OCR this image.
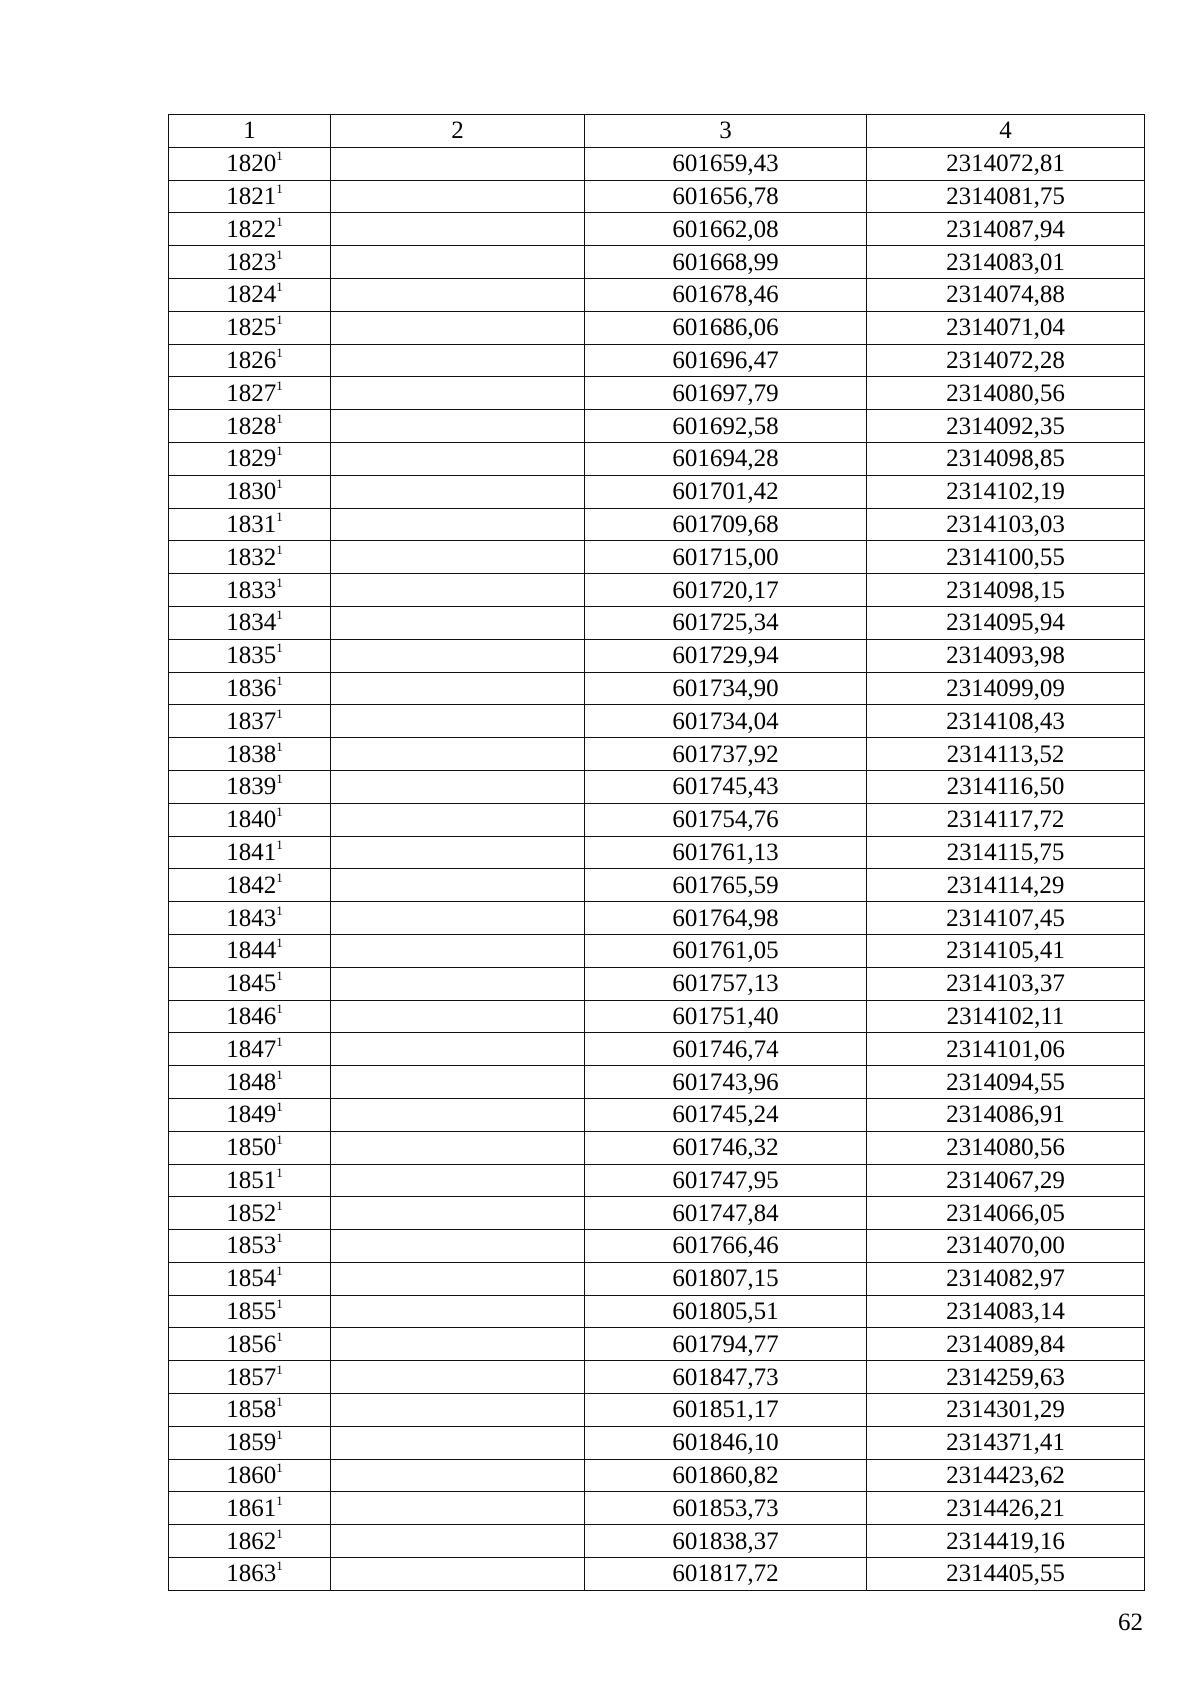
1	2	3	4
1820$^1$		601659,43	2314072,81
1821$^1$		601656,78	2314081,75
1822$^1$		601662,08	2314087,94
1823$^1$		601668,99	2314083,01
1824$^1$		601678,46	2314074,88
1825$^1$		601686,06	2314071,04
1826$^1$		601696,47	2314072,28
1827$^1$		601697,79	2314080,56
1828$^1$		601692,58	2314092,35
1829$^1$		601694,28	2314098,85
1830$^1$		601701,42	2314102,19
1831$^1$		601709,68	2314103,03
1832$^1$		601715,00	2314100,55
1833$^1$		601720,17	2314098,15
1834$^1$		601725,34	2314095,94
1835$^1$		601729,94	2314093,98
1836$^1$		601734,90	2314099,09
1837$^1$		601734,04	2314108,43
1838$^1$		601737,92	2314113,52
1839$^1$		601745,43	2314116,50
1840$^1$		601754,76	2314117,72
1841$^1$		601761,13	2314115,75
1842$^1$		601765,59	2314114,29
1843$^1$		601764,98	2314107,45
1844$^1$		601761,05	2314105,41
1845$^1$		601757,13	2314103,37
1846$^1$		601751,40	2314102,11
1847$^1$		601746,74	2314101,06
1848$^1$		601743,96	2314094,55
1849$^1$		601745,24	2314086,91
1850$^1$		601746,32	2314080,56
1851$^1$		601747,95	2314067,29
1852$^1$		601747,84	2314066,05
1853$^1$		601766,46	2314070,00
1854$^1$		601807,15	2314082,97
1855$^1$		601805,51	2314083,14
1856$^1$		601794,77	2314089,84
1857$^1$		601847,73	2314259,63
1858$^1$		601851,17	2314301,29
1859$^1$		601846,10	2314371,41
1860$^1$		601860,82	2314423,62
1861$^1$		601853,73	2314426,21
1862$^1$		601838,37	2314419,16
1863$^1$		601817,72	2314405,55
62
